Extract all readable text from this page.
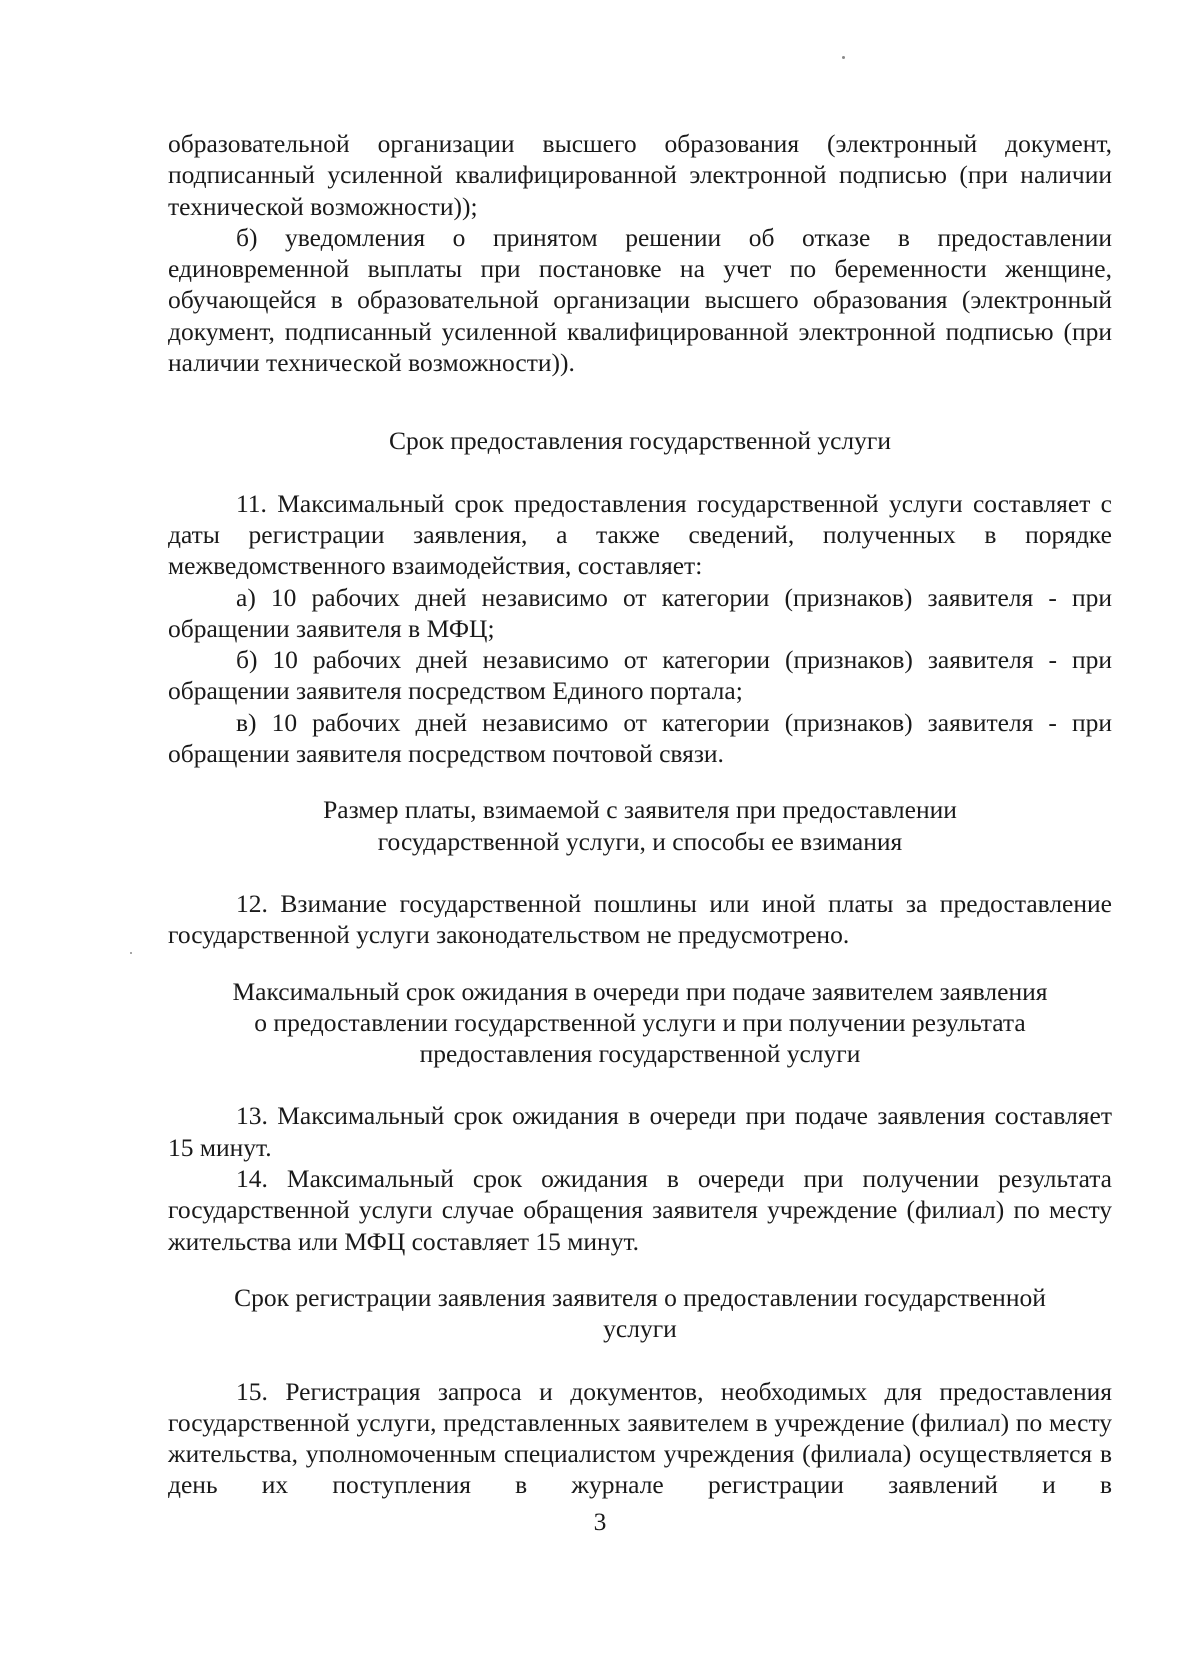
образовательной организации высшего образования (электронный документ, подписанный усиленной квалифицированной электронной подписью (при наличии технической возможности));

б) уведомления о принятом решении об отказе в предоставлении единовременной выплаты при постановке на учет по беременности женщине, обучающейся в образовательной организации высшего образования (электронный документ, подписанный усиленной квалифицированной электронной подписью (при наличии технической возможности)).

Срок предоставления государственной услуги

11. Максимальный срок предоставления государственной услуги составляет с даты регистрации заявления, а также сведений, полученных в порядке межведомственного взаимодействия, составляет:

а) 10 рабочих дней независимо от категории (признаков) заявителя - при обращении заявителя в МФЦ;

б) 10 рабочих дней независимо от категории (признаков) заявителя - при обращении заявителя посредством Единого портала;

в) 10 рабочих дней независимо от категории (признаков) заявителя - при обращении заявителя посредством почтовой связи.

Размер платы, взимаемой с заявителя при предоставлении
государственной услуги, и способы ее взимания

12. Взимание государственной пошлины или иной платы за предоставление государственной услуги законодательством не предусмотрено.

Максимальный срок ожидания в очереди при подаче заявителем заявления
о предоставлении государственной услуги и при получении результата
предоставления государственной услуги

13. Максимальный срок ожидания в очереди при подаче заявления составляет 15 минут.

14. Максимальный срок ожидания в очереди при получении результата государственной услуги случае обращения заявителя учреждение (филиал) по месту жительства или МФЦ составляет 15 минут.

Срок регистрации заявления заявителя о предоставлении государственной
услуги

15. Регистрация запроса и документов, необходимых для предоставления государственной услуги, представленных заявителем в учреждение (филиал) по месту жительства, уполномоченным специалистом учреждения (филиала) осуществляется в день их поступления в журнале регистрации заявлений и в

3
